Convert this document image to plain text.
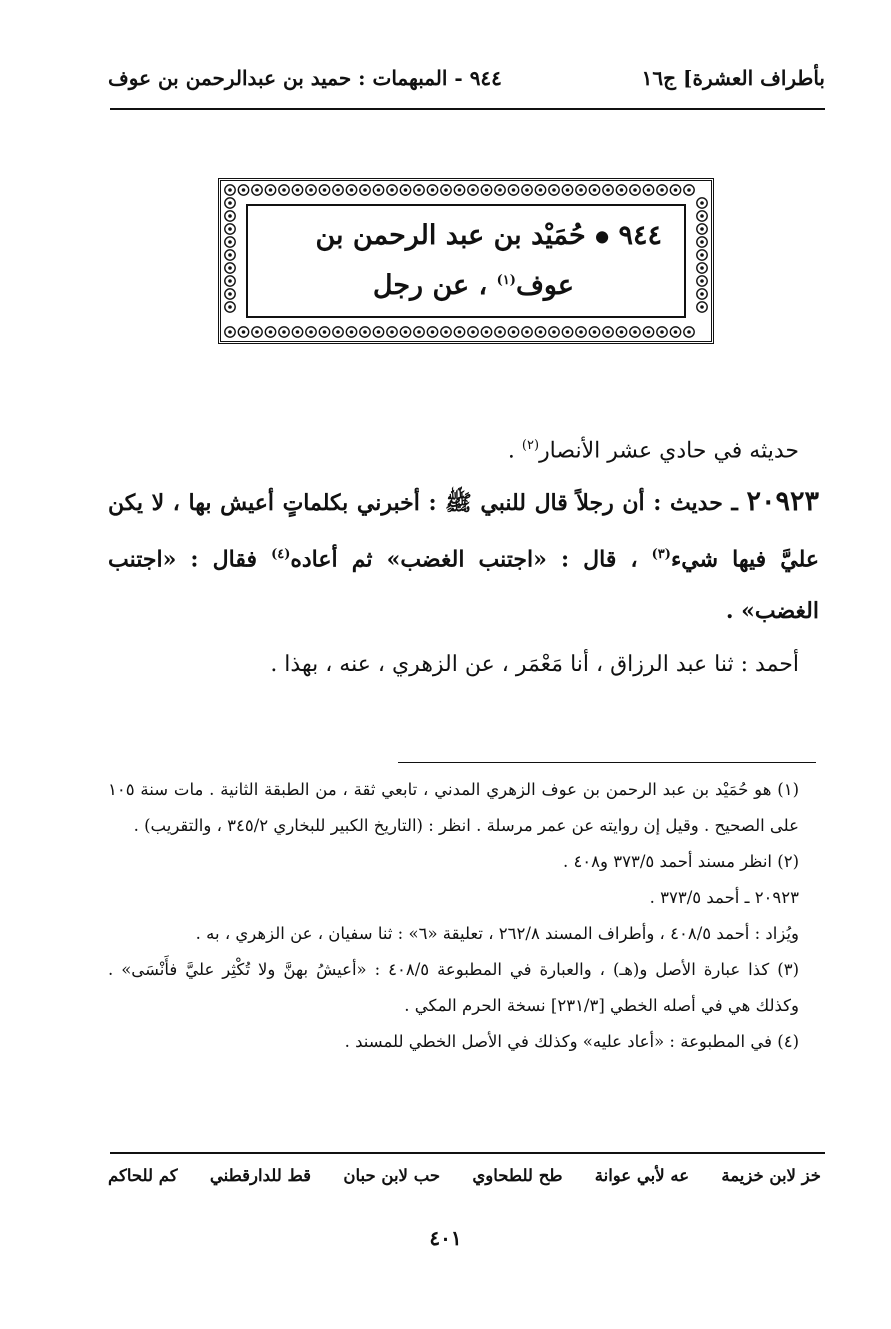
بأطراف العشرة] ج١٦
٩٤٤ - المبهمات : حميد بن عبدالرحمن بن عوف
٩٤٤ ● حُمَيْد بن عبد الرحمن بن
عوف$^{(١)}$ ، عن رجل

حديثه في حادي عشر الأنصار$^{(٢)}$ .

٢٠٩٢٣ ـ حديث : أن رجلاً قال للنبي ﷺ : أخبرني بكلماتٍ أعيش بها ، لا يكن عليَّ فيها شيء$^{(٣)}$ ، قال : «اجتنب الغضب» ثم أعاده$^{(٤)}$ فقال : «اجتنب الغضب» .

أحمد : ثنا عبد الرزاق ، أنا مَعْمَر ، عن الزهري ، عنه ، بهذا .

(١) هو حُمَيْد بن عبد الرحمن بن عوف الزهري المدني ، تابعي ثقة ، من الطبقة الثانية . مات سنة ١٠٥ على الصحيح . وقيل إن روايته عن عمر مرسلة . انظر : (التاريخ الكبير للبخاري ٣٤٥/٢ ، والتقريب) .

(٢) انظر مسند أحمد ٣٧٣/٥ و٤٠٨ .

٢٠٩٢٣ ـ أحمد ٣٧٣/٥ .

ويُزاد : أحمد ٤٠٨/٥ ، وأطراف المسند ٢٦٢/٨ ، تعليقة «٦» : ثنا سفيان ، عن الزهري ، به .

(٣) كذا عبارة الأصل و(هـ) ، والعبارة في المطبوعة ٤٠٨/٥ : «أعيشُ بهنَّ ولا تُكْثِر عليَّ فأَنْسَى» . وكذلك هي في أصله الخطي [٢٣١/٣] نسخة الحرم المكي .

(٤) في المطبوعة : «أعاد عليه» وكذلك في الأصل الخطي للمسند .

خز لابن خزيمة
عه لأبي عوانة
طح للطحاوي
حب لابن حبان
قط للدارقطني
كم للحاكم
٤٠١
